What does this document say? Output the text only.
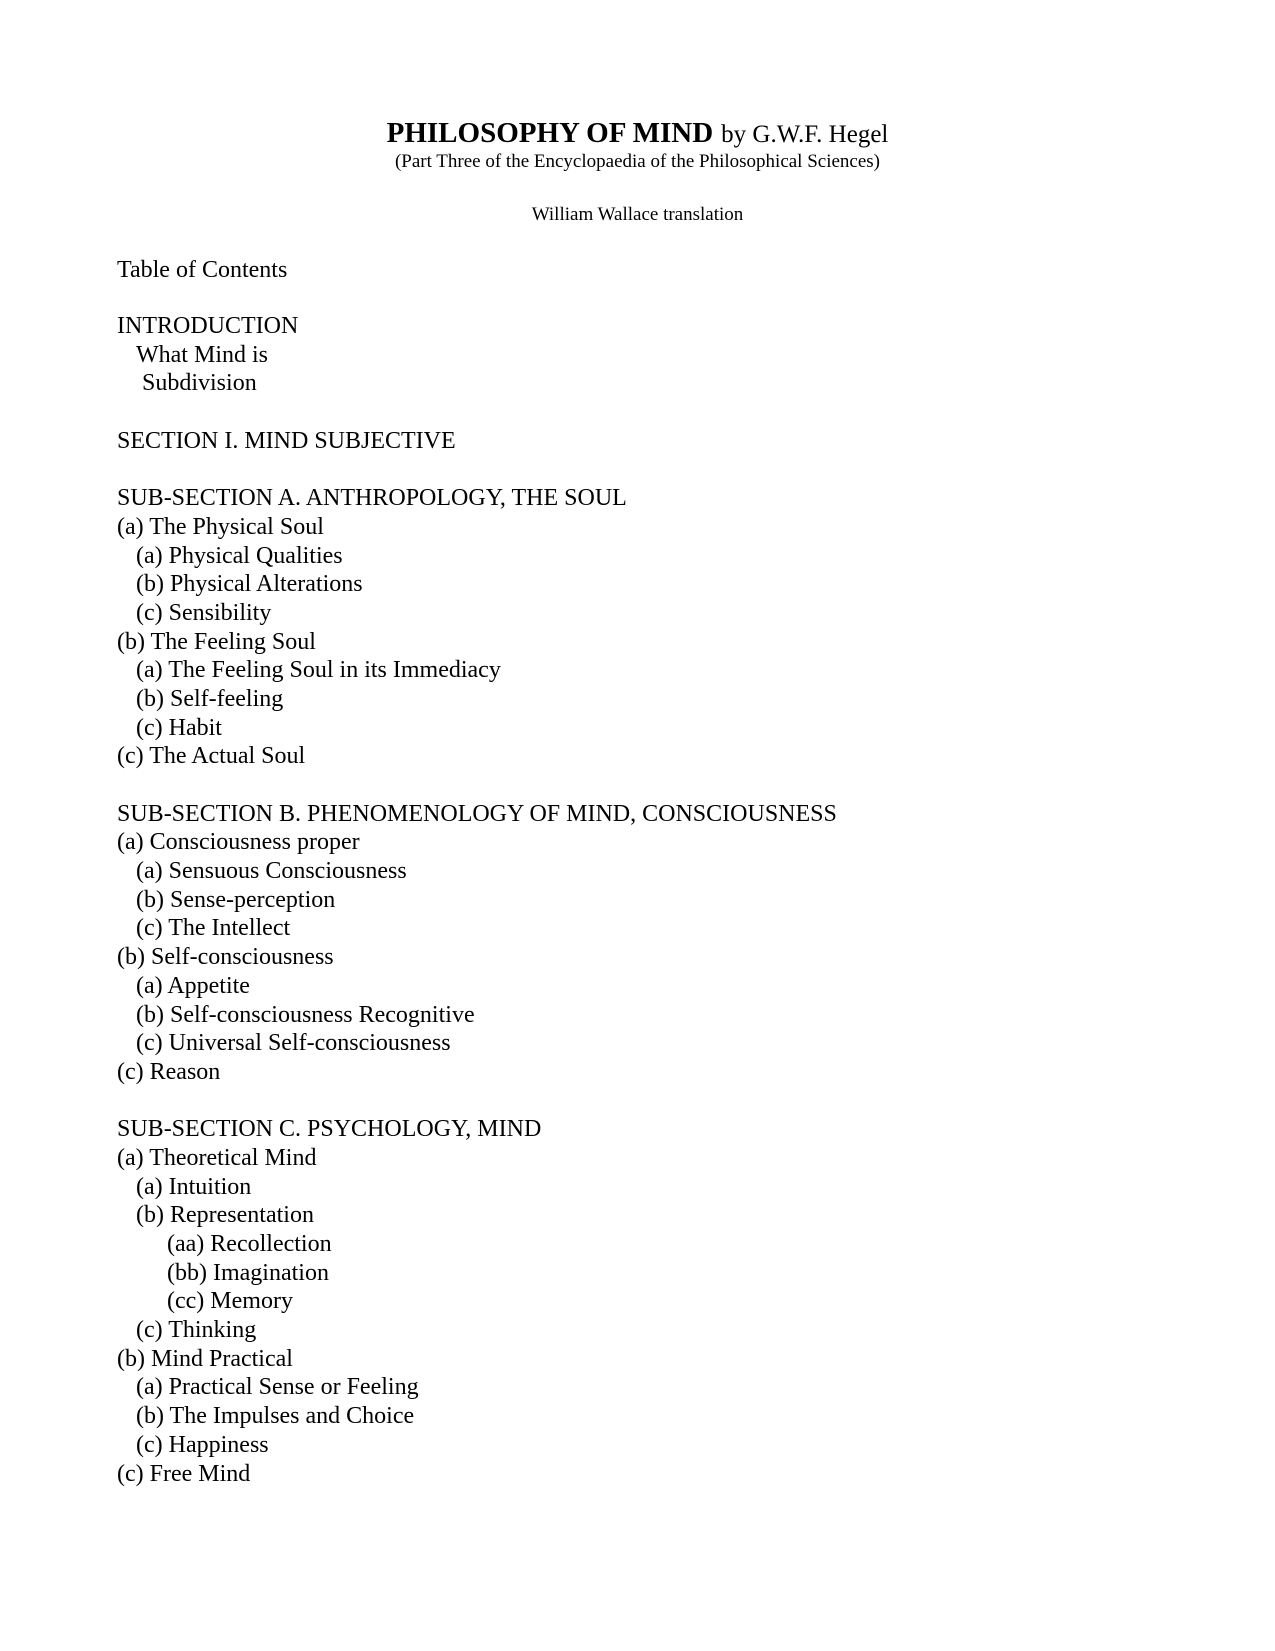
PHILOSOPHY OF MIND by G.W.F. Hegel
(Part Three of the Encyclopaedia of the Philosophical Sciences)
William Wallace translation
Table of Contents
INTRODUCTION
What Mind is
Subdivision
SECTION I. MIND SUBJECTIVE
SUB-SECTION A. ANTHROPOLOGY, THE SOUL
(a) The Physical Soul
(a) Physical Qualities
(b) Physical Alterations
(c) Sensibility
(b) The Feeling Soul
(a) The Feeling Soul in its Immediacy
(b) Self-feeling
(c) Habit
(c) The Actual Soul
SUB-SECTION B. PHENOMENOLOGY OF MIND, CONSCIOUSNESS
(a) Consciousness proper
(a) Sensuous Consciousness
(b) Sense-perception
(c) The Intellect
(b) Self-consciousness
(a) Appetite
(b) Self-consciousness Recognitive
(c) Universal Self-consciousness
(c) Reason
SUB-SECTION C. PSYCHOLOGY, MIND
(a) Theoretical Mind
(a) Intuition
(b) Representation
(aa) Recollection
(bb) Imagination
(cc) Memory
(c) Thinking
(b) Mind Practical
(a) Practical Sense or Feeling
(b) The Impulses and Choice
(c) Happiness
(c) Free Mind
